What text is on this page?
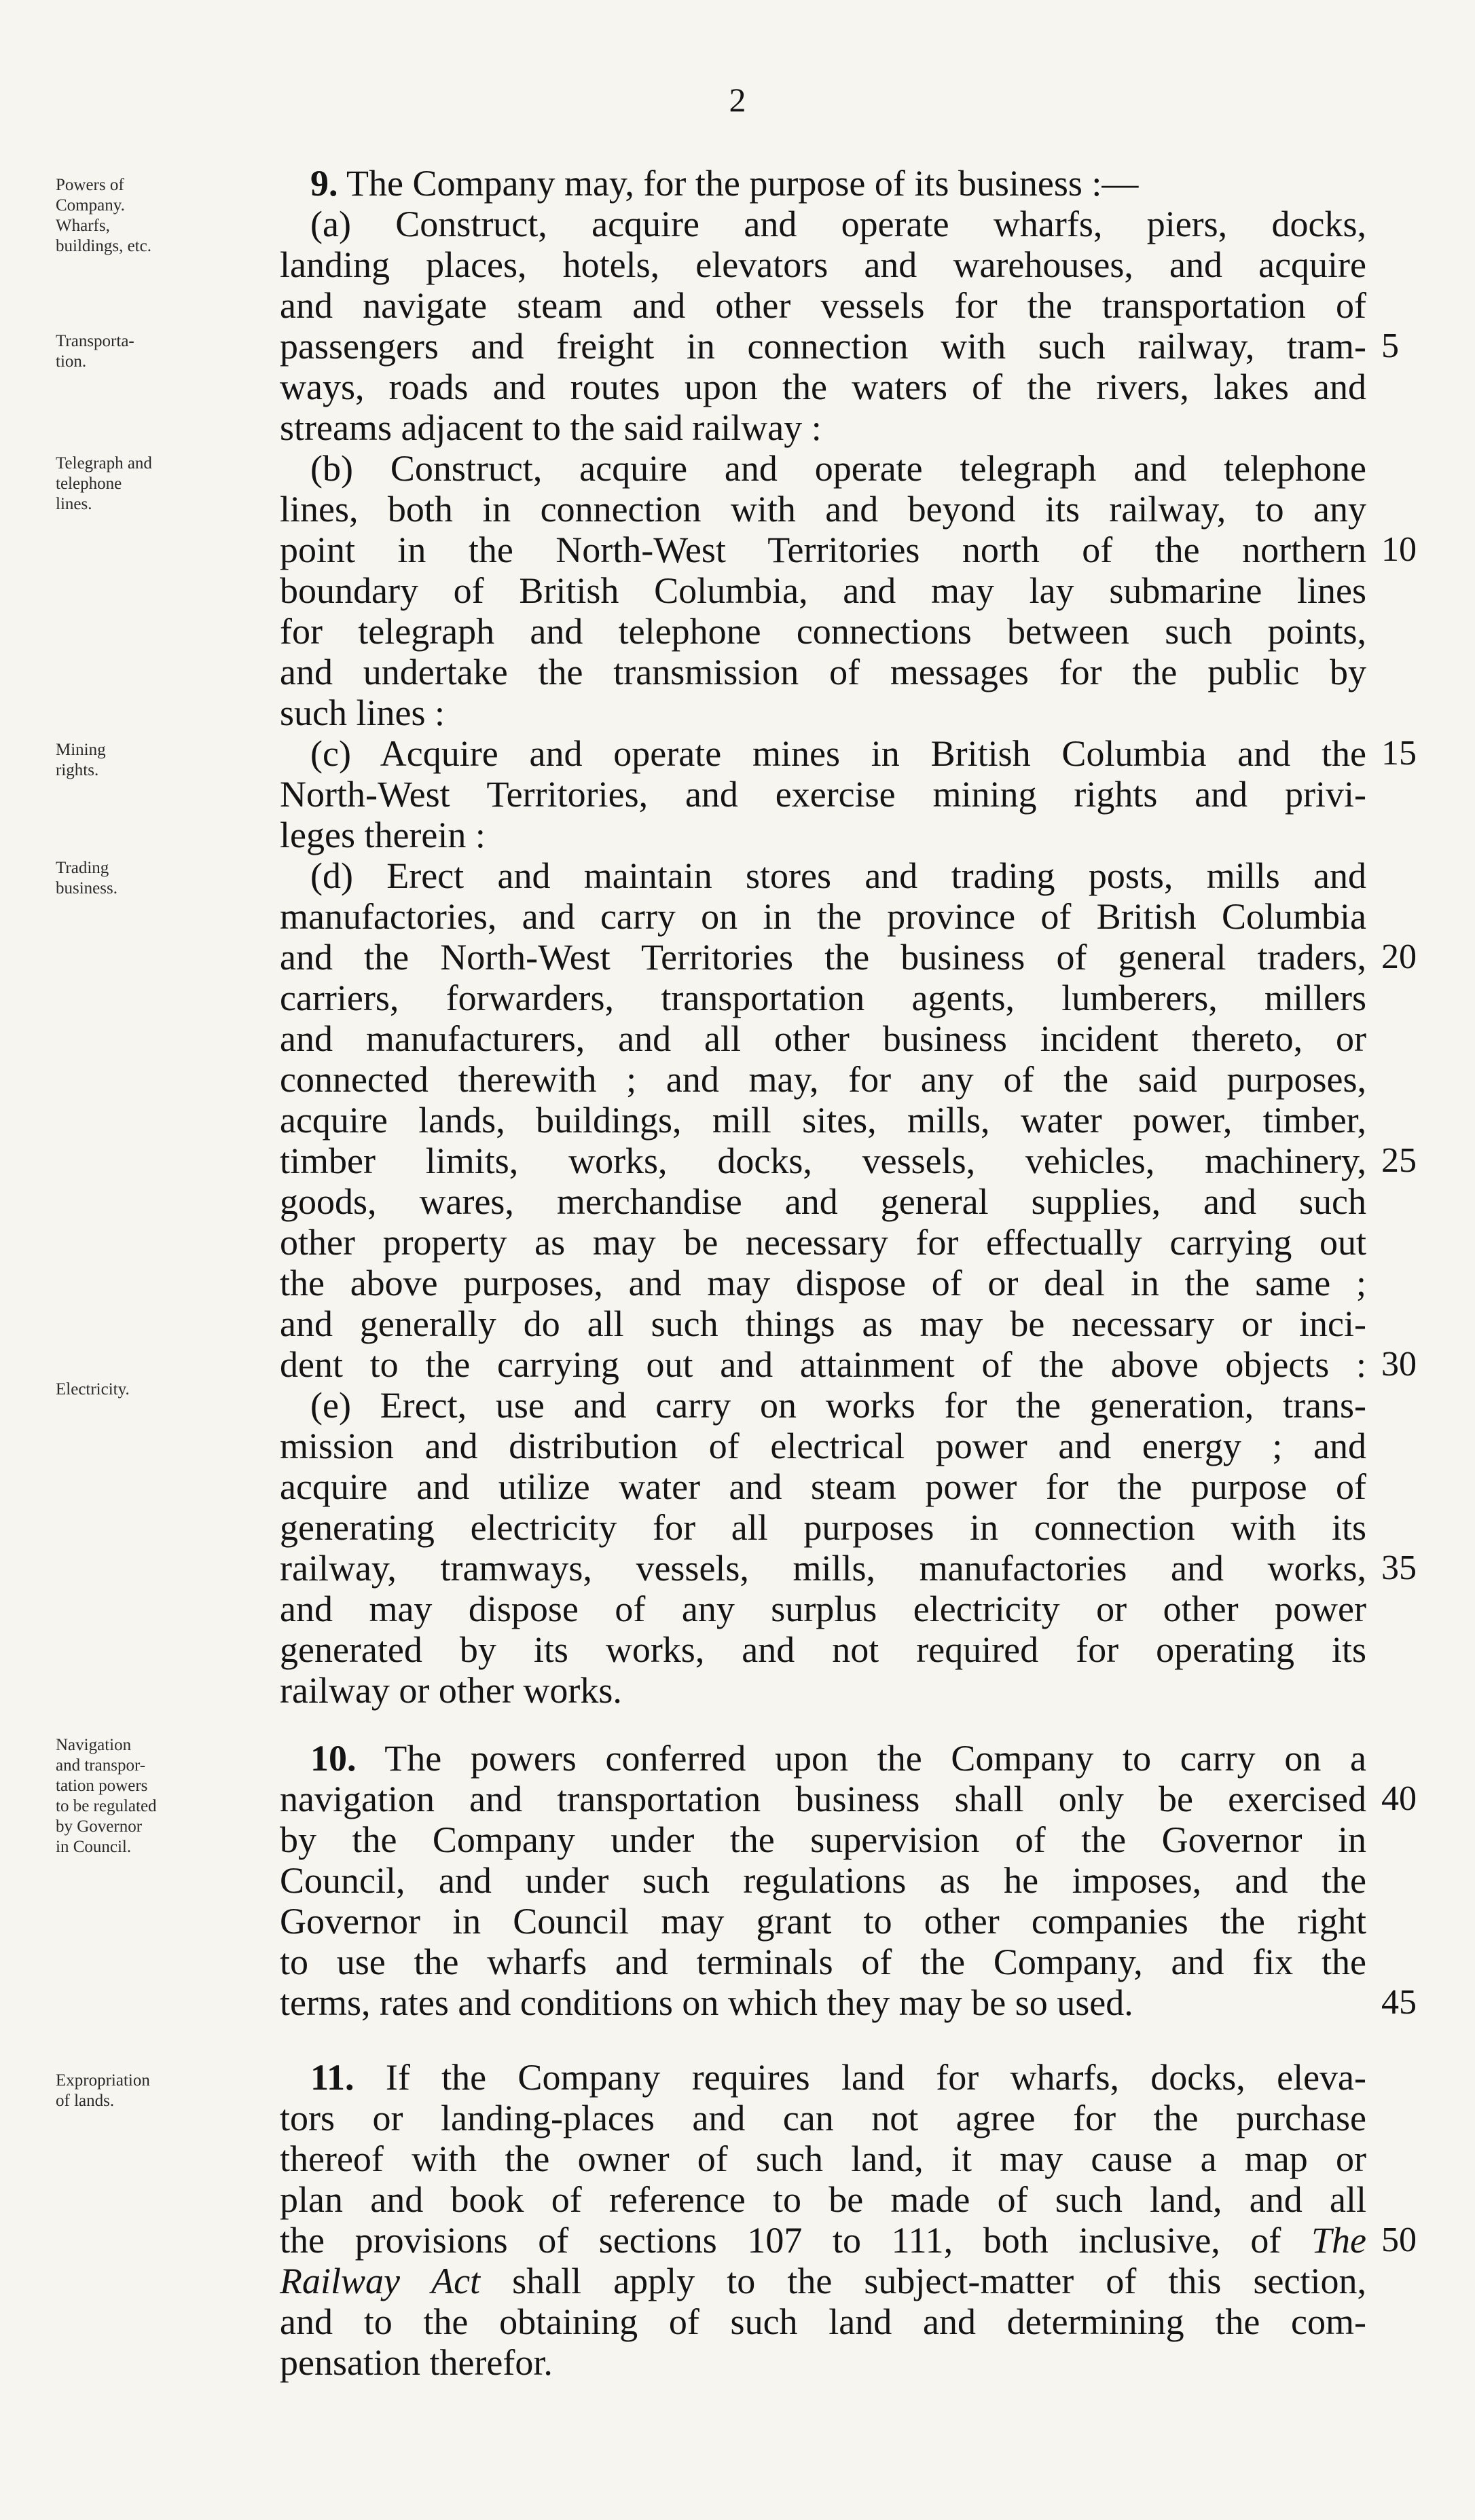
2
Powers of
Company.
Wharfs,
buildings, etc.
Transporta-
tion.
Telegraph and
telephone
lines.
Mining
rights.
Trading
business.
Electricity.
Navigation
and transpor-
tation powers
to be regulated
by Governor
in Council.
Expropriation
of lands.
9. The Company may, for the purpose of its business :—
(a) Construct, acquire and operate wharfs, piers, docks,
landing places, hotels, elevators and warehouses, and acquire
and navigate steam and other vessels for the transportation of
passengers and freight in connection with such railway, tram- 5
ways, roads and routes upon the waters of the rivers, lakes and
streams adjacent to the said railway :
(b) Construct, acquire and operate telegraph and telephone
lines, both in connection with and beyond its railway, to any
point in the North-West Territories north of the northern 10
boundary of British Columbia, and may lay submarine lines
for telegraph and telephone connections between such points,
and undertake the transmission of messages for the public by
such lines :
(c) Acquire and operate mines in British Columbia and the 15
North-West Territories, and exercise mining rights and privi-
leges therein :
(d) Erect and maintain stores and trading posts, mills and
manufactories, and carry on in the province of British Columbia
and the North-West Territories the business of general traders, 20
carriers, forwarders, transportation agents, lumberers, millers
and manufacturers, and all other business incident thereto, or
connected therewith ; and may, for any of the said purposes,
acquire lands, buildings, mill sites, mills, water power, timber,
timber limits, works, docks, vessels, vehicles, machinery, 25
goods, wares, merchandise and general supplies, and such
other property as may be necessary for effectually carrying out
the above purposes, and may dispose of or deal in the same ;
and generally do all such things as may be necessary or inci-
dent to the carrying out and attainment of the above objects : 30
(e) Erect, use and carry on works for the generation, trans-
mission and distribution of electrical power and energy ; and
acquire and utilize water and steam power for the purpose of
generating electricity for all purposes in connection with its
railway, tramways, vessels, mills, manufactories and works, 35
and may dispose of any surplus electricity or other power
generated by its works, and not required for operating its
railway or other works.
10. The powers conferred upon the Company to carry on a
navigation and transportation business shall only be exercised 40
by the Company under the supervision of the Governor in
Council, and under such regulations as he imposes, and the
Governor in Council may grant to other companies the right
to use the wharfs and terminals of the Company, and fix the
terms, rates and conditions on which they may be so used.	45
11. If the Company requires land for wharfs, docks, eleva-
tors or landing-places and can not agree for the purchase
thereof with the owner of such land, it may cause a map or
plan and book of reference to be made of such land, and all
the provisions of sections 107 to 111, both inclusive, of The 50
Railway Act shall apply to the subject-matter of this section,
and to the obtaining of such land and determining the com-
pensation therefor.
